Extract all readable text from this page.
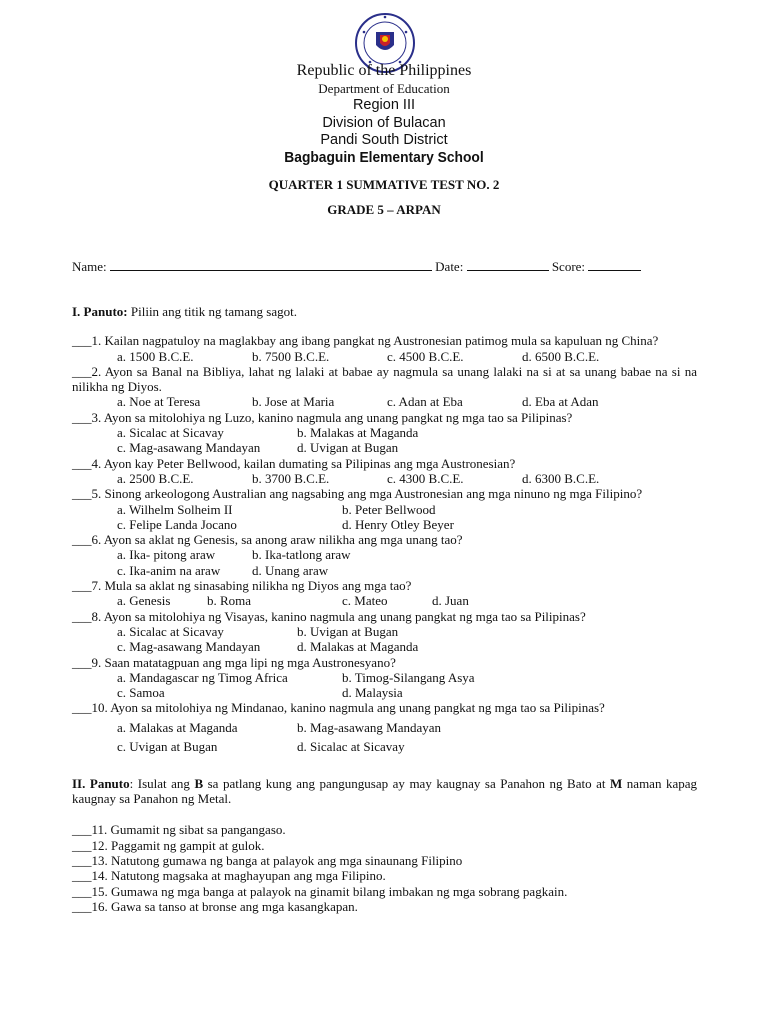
Republic of the Philippines
Department of Education
Region III
Division of Bulacan
Pandi South District
Bagbaguin Elementary School
QUARTER 1 SUMMATIVE TEST NO. 2
GRADE 5 – ARPAN
Name:	Date:	Score:

I. Panuto: Piliin ang titik ng tamang sagot.

___1. Kailan nagpatuloy na maglakbay ang ibang pangkat ng Austronesian patimog mula sa kapuluan ng China?
a. 1500 B.C.E.	b. 7500 B.C.E.	c. 4500 B.C.E.	d. 6500 B.C.E.
___2. Ayon sa Banal na Bibliya, lahat ng lalaki at babae ay nagmula sa unang lalaki na si at sa unang babae na si na nilikha ng Diyos.
a. Noe at Teresa	b. Jose at Maria	c. Adan at Eba	d. Eba at Adan
___3. Ayon sa mitolohiya ng Luzo, kanino nagmula ang unang pangkat ng mga tao sa Pilipinas?
a. Sicalac at Sicavay	b. Malakas at Maganda
c. Mag-asawang Mandayan	d. Uvigan at Bugan
___4. Ayon kay Peter Bellwood, kailan dumating sa Pilipinas ang mga Austronesian?
a. 2500 B.C.E.	b. 3700 B.C.E.	c. 4300 B.C.E.	d. 6300 B.C.E.
___5. Sinong arkeologong Australian ang nagsabing ang mga Austronesian ang mga ninuno ng mga Filipino?
a. Wilhelm Solheim II	b. Peter Bellwood
c. Felipe Landa Jocano	d. Henry Otley Beyer
___6. Ayon sa aklat ng Genesis, sa anong araw nilikha ang mga unang tao?
a. Ika- pitong araw	b. Ika-tatlong araw
c. Ika-anim na araw	d. Unang araw
___7. Mula sa aklat ng sinasabing nilikha ng Diyos ang mga tao?
a. Genesis	b. Roma	c. Mateo	d. Juan
___8. Ayon sa mitolohiya ng Visayas, kanino nagmula ang unang pangkat ng mga tao sa Pilipinas?
a. Sicalac at Sicavay	b. Uvigan at Bugan
c. Mag-asawang Mandayan	d. Malakas at Maganda
___9. Saan matatagpuan ang mga lipi ng mga Austronesyano?
a. Mandagascar ng Timog Africa	b. Timog-Silangang Asya
c. Samoa	d. Malaysia
___10. Ayon sa mitolohiya ng Mindanao, kanino nagmula ang unang pangkat ng mga tao sa Pilipinas?
a. Malakas at Maganda	b. Mag-asawang Mandayan
c. Uvigan at Bugan	d. Sicalac at Sicavay

II. Panuto: Isulat ang B sa patlang kung ang pangungusap ay may kaugnay sa Panahon ng Bato at M naman kapag kaugnay sa Panahon ng Metal.

___11. Gumamit ng sibat sa pangangaso.
___12. Paggamit ng gampit at gulok.
___13. Natutong gumawa ng banga at palayok ang mga sinaunang Filipino
___14. Natutong magsaka at maghayupan ang mga Filipino.
___15. Gumawa ng mga banga at palayok na ginamit bilang imbakan ng mga sobrang pagkain.
___16. Gawa sa tanso at bronse ang mga kasangkapan.
